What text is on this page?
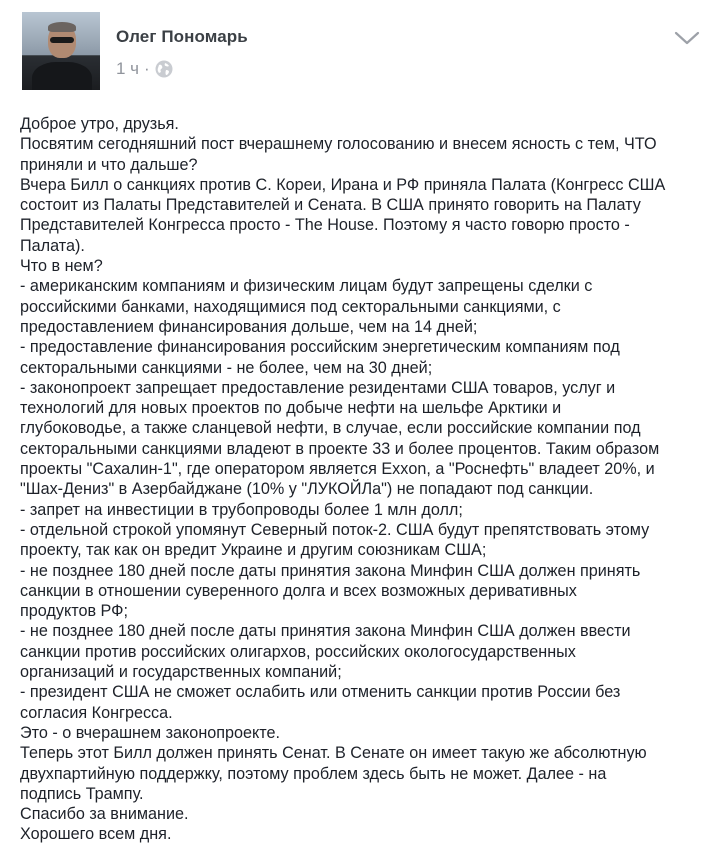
Олег Пономарь
1 ч ·
Доброе утро, друзья.
Посвятим сегодняшний пост вчерашнему голосованию и внесем ясность с тем, ЧТО
приняли и что дальше?
Вчера Билл о санкциях против С. Кореи, Ирана и РФ приняла Палата (Конгресс США
состоит из Палаты Представителей и Сената. В США принято говорить на Палату
Представителей Конгресса просто - The House. Поэтому я часто говорю просто -
Палата).
Что в нем?
- американским компаниям и физическим лицам будут запрещены сделки с
российскими банками, находящимися под секторальными санкциями, с
предоставлением финансирования дольше, чем на 14 дней;
- предоставление финансирования российским энергетическим компаниям под
секторальными санкциями - не более, чем на 30 дней;
- законопроект запрещает предоставление резидентами США товаров, услуг и
технологий для новых проектов по добыче нефти на шельфе Арктики и
глубоководье, а также сланцевой нефти, в случае, если российские компании под
секторальными санкциями владеют в проекте 33 и более процентов. Таким образом
проекты "Сахалин-1", где оператором является Exxon, а "Роснефть" владеет 20%, и
"Шах-Дениз" в Азербайджане (10% у "ЛУКОЙЛа") не попадают под санкции.
- запрет на инвестиции в трубопроводы более 1 млн долл;
- отдельной строкой упомянут Северный поток-2. США будут препятствовать этому
проекту, так как он вредит Украине и другим союзникам США;
- не позднее 180 дней после даты принятия закона Минфин США должен принять
санкции в отношении суверенного долга и всех возможных деривативных
продуктов РФ;
- не позднее 180 дней после даты принятия закона Минфин США должен ввести
санкции против российских олигархов, российских окологосударственных
организаций и государственных компаний;
- президент США не сможет ослабить или отменить санкции против России без
согласия Конгресса.
Это - о вчерашнем законопроекте.
Теперь этот Билл должен принять Сенат. В Сенате он имеет такую же абсолютную
двухпартийную поддержку, поэтому проблем здесь быть не может. Далее - на
подпись Трампу.
Спасибо за внимание.
Хорошего всем дня.
